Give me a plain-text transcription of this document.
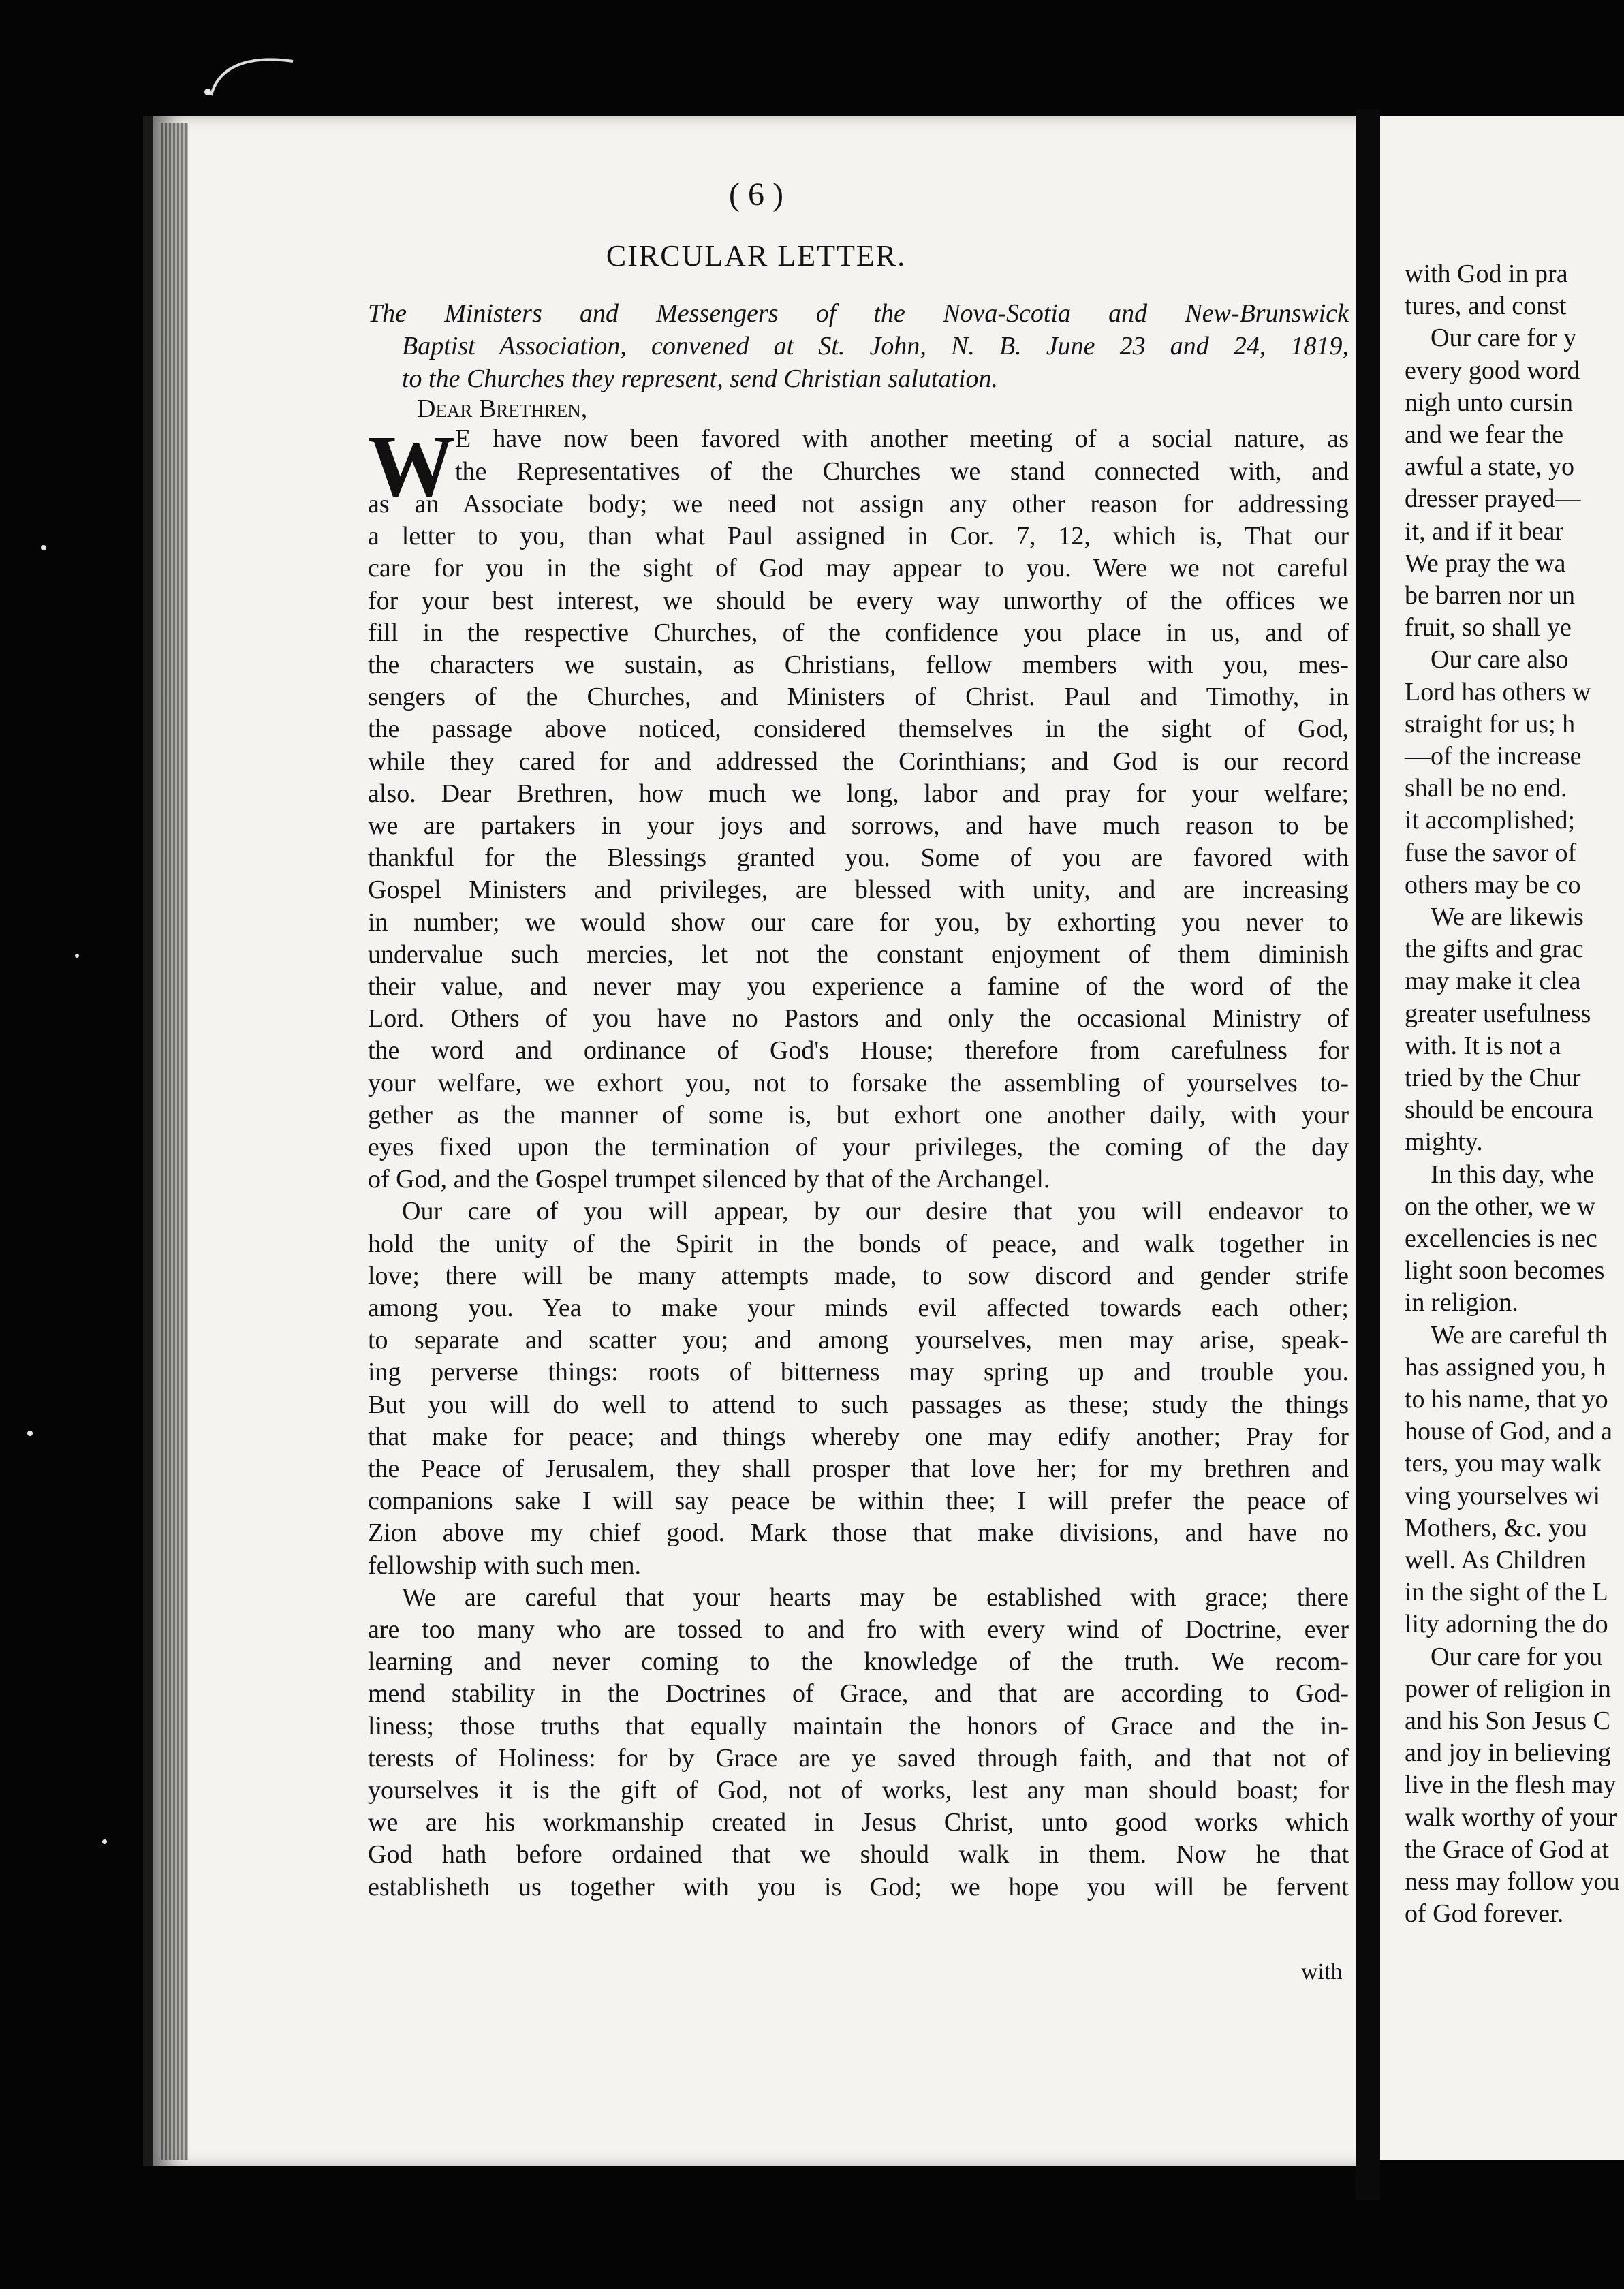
( 6 )
CIRCULAR LETTER.
The Ministers and Messengers of the Nova-Scotia and New-Brunswick
Baptist Association, convened at St. John, N. B. June 23 and 24, 1819,
to the Churches they represent, send Christian salutation.
Dear Brethren,
W E have now been favored with another meeting of a social nature, as
the Representatives of the Churches we stand connected with, and
as an Associate body; we need not assign any other reason for addressing
a letter to you, than what Paul assigned in Cor. 7, 12, which is, That our
care for you in the sight of God may appear to you. Were we not careful
for your best interest, we should be every way unworthy of the offices we
fill in the respective Churches, of the confidence you place in us, and of
the characters we sustain, as Christians, fellow members with you, mes-
sengers of the Churches, and Ministers of Christ. Paul and Timothy, in
the passage above noticed, considered themselves in the sight of God,
while they cared for and addressed the Corinthians; and God is our record
also. Dear Brethren, how much we long, labor and pray for your welfare;
we are partakers in your joys and sorrows, and have much reason to be
thankful for the Blessings granted you. Some of you are favored with
Gospel Ministers and privileges, are blessed with unity, and are increasing
in number; we would show our care for you, by exhorting you never to
undervalue such mercies, let not the constant enjoyment of them diminish
their value, and never may you experience a famine of the word of the
Lord. Others of you have no Pastors and only the occasional Ministry of
the word and ordinance of God's House; therefore from carefulness for
your welfare, we exhort you, not to forsake the assembling of yourselves to-
gether as the manner of some is, but exhort one another daily, with your
eyes fixed upon the termination of your privileges, the coming of the day
of God, and the Gospel trumpet silenced by that of the Archangel.
Our care of you will appear, by our desire that you will endeavor to
hold the unity of the Spirit in the bonds of peace, and walk together in
love; there will be many attempts made, to sow discord and gender strife
among you. Yea to make your minds evil affected towards each other;
to separate and scatter you; and among yourselves, men may arise, speak-
ing perverse things: roots of bitterness may spring up and trouble you.
But you will do well to attend to such passages as these; study the things
that make for peace; and things whereby one may edify another; Pray for
the Peace of Jerusalem, they shall prosper that love her; for my brethren and
companions sake I will say peace be within thee; I will prefer the peace of
Zion above my chief good. Mark those that make divisions, and have no
fellowship with such men.
We are careful that your hearts may be established with grace; there
are too many who are tossed to and fro with every wind of Doctrine, ever
learning and never coming to the knowledge of the truth. We recom-
mend stability in the Doctrines of Grace, and that are according to God-
liness; those truths that equally maintain the honors of Grace and the in-
terests of Holiness: for by Grace are ye saved through faith, and that not of
yourselves it is the gift of God, not of works, lest any man should boast; for
we are his workmanship created in Jesus Christ, unto good works which
God hath before ordained that we should walk in them. Now he that
establisheth us together with you is God; we hope you will be fervent
with
with God in pra
tures, and const
Our care for y
every good word
nigh unto cursin
and we fear the
awful a state, yo
dresser prayed—
it, and if it bear
We pray the wa
be barren nor un
fruit, so shall ye
Our care also
Lord has others w
straight for us; h
—of the increase
shall be no end.
it accomplished;
fuse the savor of
others may be co
We are likewis
the gifts and grac
may make it clea
greater usefulness
with. It is not a
tried by the Chur
should be encoura
mighty.
In this day, whe
on the other, we w
excellencies is nec
light soon becomes
in religion.
We are careful th
has assigned you, h
to his name, that yo
house of God, and a
ters, you may walk
ving yourselves wi
Mothers, &c. you
well. As Children
in the sight of the L
lity adorning the do
Our care for you
power of religion in
and his Son Jesus C
and joy in believing
live in the flesh may
walk worthy of your
the Grace of God at
ness may follow you
of God forever.
